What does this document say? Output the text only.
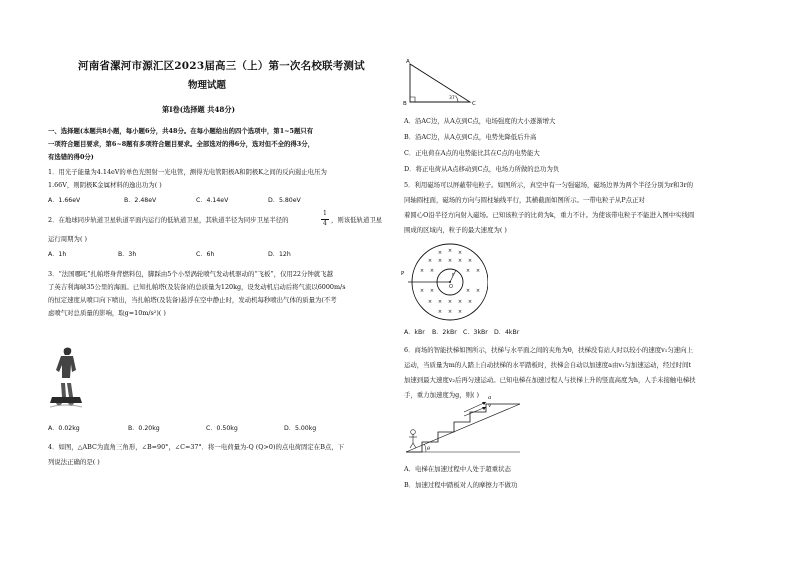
河南省漯河市源汇区2023届高三（上）第一次名校联考测试
物理试题
第Ⅰ卷(选择题 共48分)
一、选择题(本题共8小题，每小题6分，共48分。在每小题给出的四个选项中，第1~5题只有
一项符合题目要求，第6~8题有多项符合题目要求。全部选对的得6分，选对但不全的得3分，
有选错的得0分)
1．用光子能量为4.14eV的单色光照射一光电管，测得光电管阳极A和阴极K之间的反向遏止电压为
1.66V，则阴极K金属材料的逸出功为( )
A．1.66eV	B．2.48eV	C．4.14eV	D．5.80eV
2．在地球同步轨道卫星轨道平面内运行的低轨道卫星，其轨道半径为同步卫星半径的
1
4 ，则该低轨道卫星
运行周期为( )
A．1h	B．3h	C．6h	D．12h
3．“法国哪吒”扎帕塔身背燃料包，脚踩由5个小型涡轮喷气发动机驱动的“飞板”，仅用22分钟就飞越
了英吉利海峡35公里的海面。已知扎帕塔(及装备)的总质量为120kg，设发动机启动后将气流以6000m/s
的恒定速度从喷口向下喷出，当扎帕塔(及装备)悬浮在空中静止时，发动机每秒喷出气体的质量为(不考
虑喷气对总质量的影响，取g=10m/s²)( )
A．0.02kg	B．0.20kg	C．0.50kg	D．5.00kg
4．如图，△ABC为直角三角形，∠B=90°，∠C=37°．将一电荷量为-Q (Q>0)的点电荷固定在B点，下
列说法正确的是( )
A
B	C
37°
A．沿AC边，从A点到C点，电场强度的大小逐渐增大
B．沿AC边，从A点到C点，电势先降低后升高
C．正电荷在A点的电势能比其在C点的电势能大
D．将正电荷从A点移动到C点，电场力所做的总功为负
5．利用磁场可以屏蔽带电粒子。如图所示，真空中有一匀强磁场，磁场边界为两个半径分别为r和3r的
同轴圆柱面，磁场的方向与圆柱轴线平行，其横截面如图所示。一带电粒子从P点正对
着圆心O沿半径方向射入磁场。已知该粒子的比荷为k，重力不计。为使该带电粒子不能进入图中实线圆
围成的区域内，粒子的最大速度为( )
× × ×
× × × × ×
× ×	× ×
× ×	× ×
× × × × ×
× × ×
P
O
r
A．kBr B．2kBr C．3kBr D．4kBr
6．商场的智能扶梯如图所示，扶梯与水平面之间的夹角为θ，扶梯没有站人时以较小的速度v₁匀速向上
运动，当质量为m的人踏上自动扶梯的水平踏板时，扶梯会自动以加速度a由v₁匀加速运动，经过时间t
加速到最大速度v₂后再匀速运动。已知电梯在加速过程人与扶梯上升的竖直高度为h，人手未接触电梯扶
手，重力加速度为g，则( ) a
v
θ
A．电梯在加速过程中人处于超重状态
B．加速过程中踏板对人的摩擦力不做功
